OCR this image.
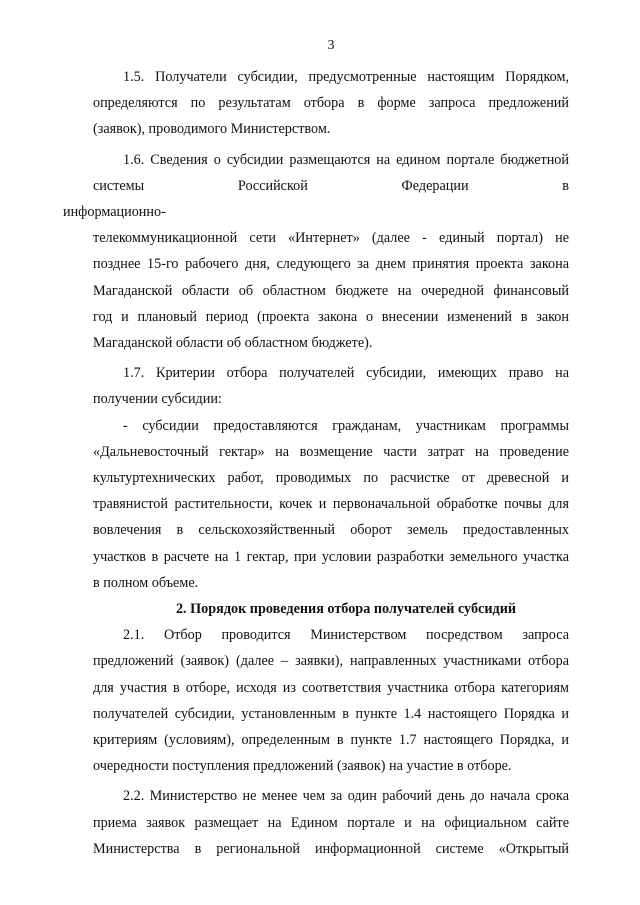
3

1.5. Получатели субсидии, предусмотренные настоящим Порядком,
определяются по результатам отбора в форме запроса предложений
(заявок), проводимого Министерством.

1.6. Сведения о субсидии размещаются на едином портале бюджетной
системы Российской Федерации в информационно-
телекоммуникационной сети «Интернет» (далее - единый портал) не
позднее 15-го рабочего дня, следующего за днем принятия проекта закона
Магаданской области об областном бюджете на очередной финансовый
год и плановый период (проекта закона о внесении изменений в закон
Магаданской области об областном бюджете).

1.7. Критерии отбора получателей субсидии, имеющих право на
получении субсидии:

- субсидии предоставляются гражданам, участникам программы
«Дальневосточный гектар» на возмещение части затрат на проведение
культуртехнических работ, проводимых по расчистке от древесной и
травянистой растительности, кочек и первоначальной обработке почвы для
вовлечения в сельскохозяйственный оборот земель предоставленных
участков в расчете на 1 гектар, при условии разработки земельного участка
в полном объеме.

2. Порядок проведения отбора получателей субсидий

2.1. Отбор проводится Министерством посредством запроса
предложений (заявок) (далее – заявки), направленных участниками отбора
для участия в отборе, исходя из соответствия участника отбора категориям
получателей субсидии, установленным в пункте 1.4 настоящего Порядка и
критериям (условиям), определенным в пункте 1.7 настоящего Порядка, и
очередности поступления предложений (заявок) на участие в отборе.

2.2. Министерство не менее чем за один рабочий день до начала срока
приема заявок размещает на Едином портале и на официальном сайте
Министерства в региональной информационной системе «Открытый
